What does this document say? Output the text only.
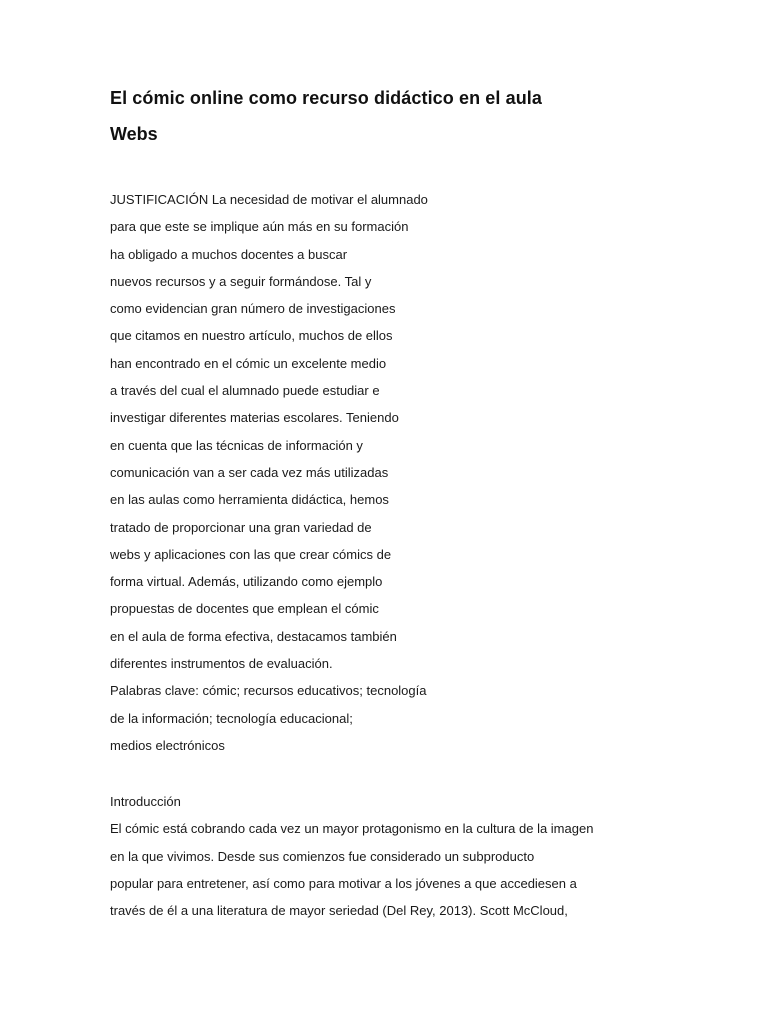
El cómic online como recurso didáctico en el aula
Webs
JUSTIFICACIÓN La necesidad de motivar el alumnado
para que este se implique aún más en su formación
ha obligado a muchos docentes a buscar
nuevos recursos y a seguir formándose. Tal y
como evidencian gran número de investigaciones
que citamos en nuestro artículo, muchos de ellos
han encontrado en el cómic un excelente medio
a través del cual el alumnado puede estudiar e
investigar diferentes materias escolares. Teniendo
en cuenta que las técnicas de información y
comunicación van a ser cada vez más utilizadas
en las aulas como herramienta didáctica, hemos
tratado de proporcionar una gran variedad de
webs y aplicaciones con las que crear cómics de
forma virtual. Además, utilizando como ejemplo
propuestas de docentes que emplean el cómic
en el aula de forma efectiva, destacamos también
diferentes instrumentos de evaluación.
Palabras clave: cómic; recursos educativos; tecnología
de la información; tecnología educacional;
medios electrónicos
Introducción
El cómic está cobrando cada vez un mayor protagonismo en la cultura de la imagen
en la que vivimos. Desde sus comienzos fue considerado un subproducto
popular para entretener, así como para motivar a los jóvenes a que accediesen a
través de él a una literatura de mayor seriedad (Del Rey, 2013). Scott McCloud,
